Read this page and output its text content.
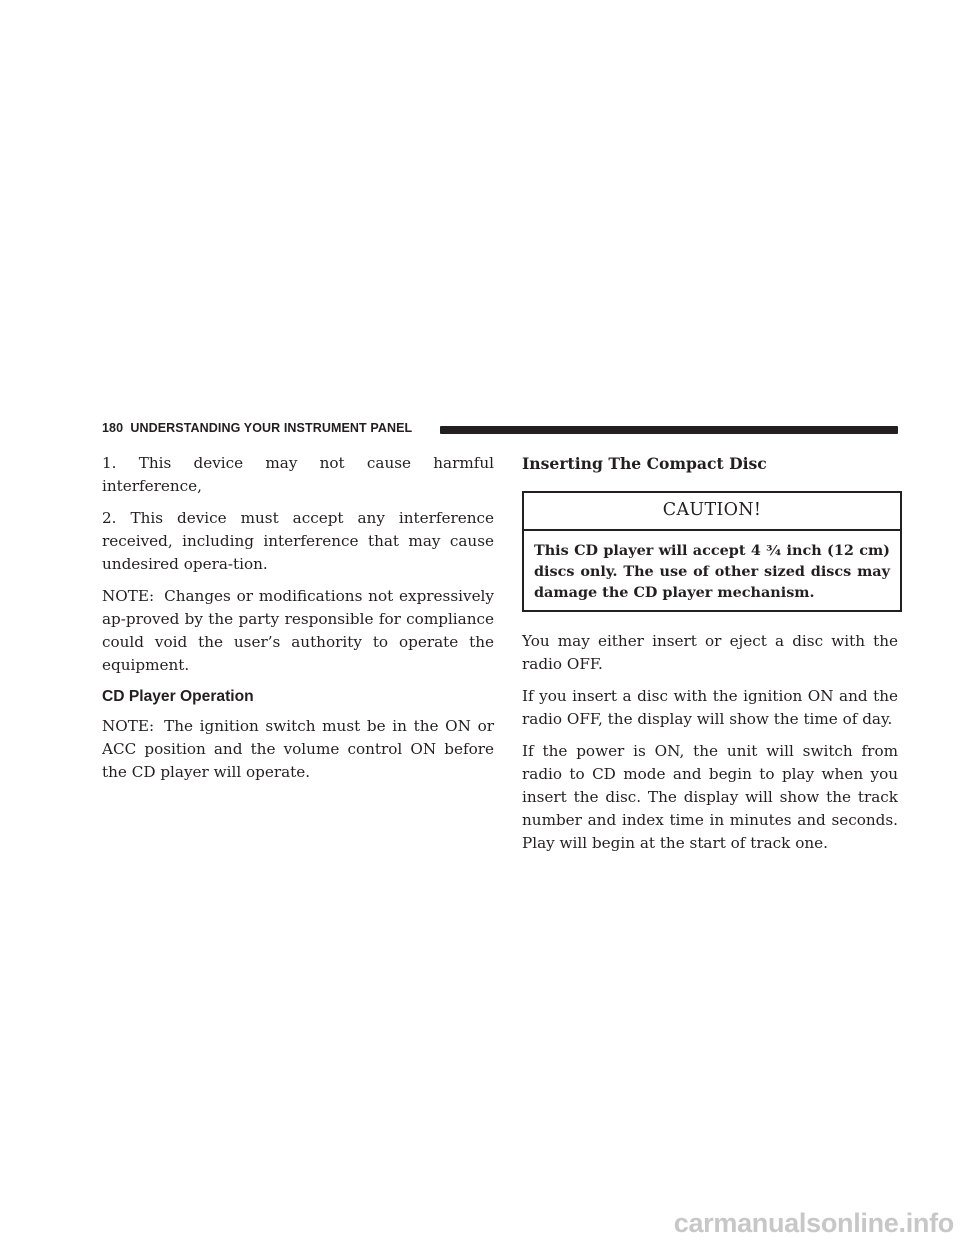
180 UNDERSTANDING YOUR INSTRUMENT PANEL

1. This device may not cause harmful interference,

2. This device must accept any interference received, including interference that may cause undesired opera-tion.

NOTE: Changes or modifications not expressively ap-proved by the party responsible for compliance could void the user’s authority to operate the equipment.

CD Player Operation

NOTE: The ignition switch must be in the ON or ACC position and the volume control ON before the CD player will operate.

Inserting The Compact Disc
CAUTION!

This CD player will accept 4 ¾ inch (12 cm) discs only. The use of other sized discs may damage the CD player mechanism.

You may either insert or eject a disc with the radio OFF.

If you insert a disc with the ignition ON and the radio OFF, the display will show the time of day.

If the power is ON, the unit will switch from radio to CD mode and begin to play when you insert the disc. The display will show the track number and index time in minutes and seconds. Play will begin at the start of track one.

carmanualsonline.info
